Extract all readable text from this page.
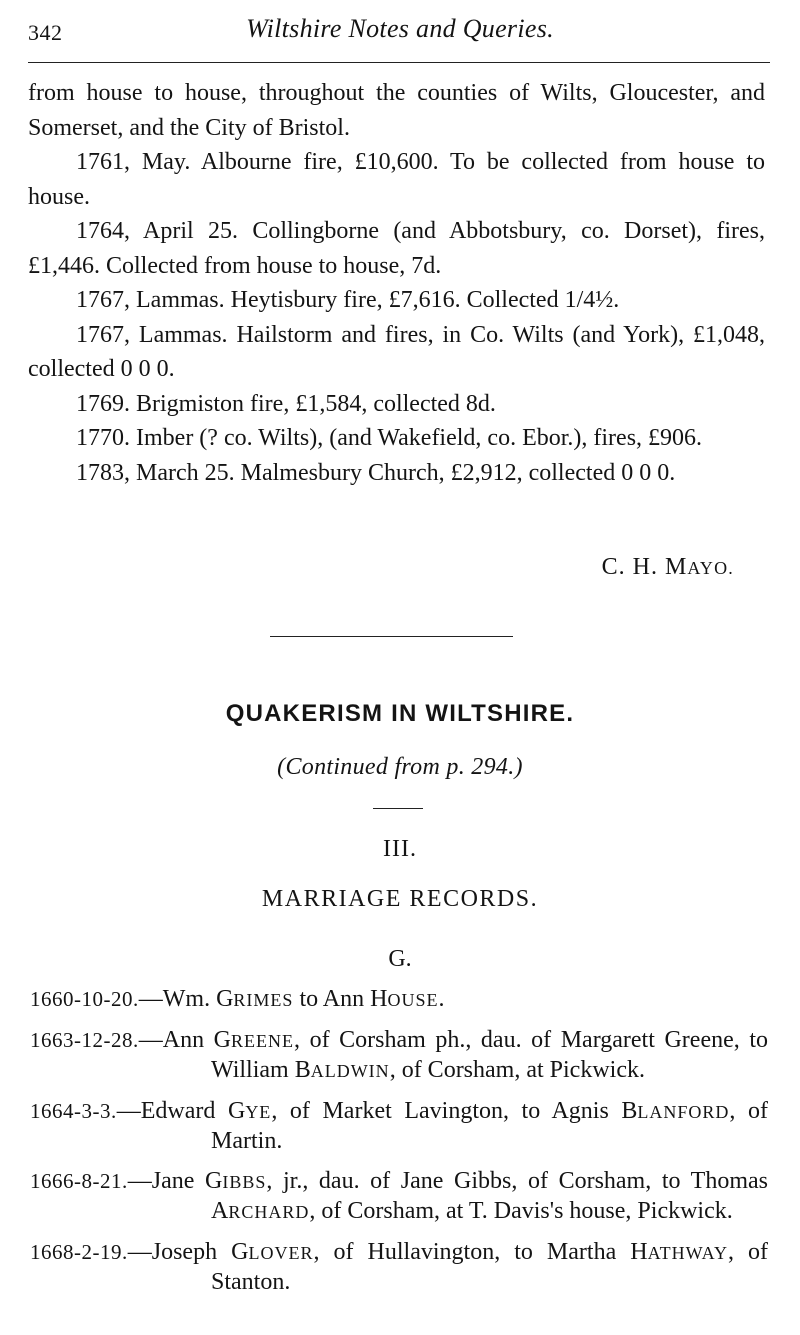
342	Wiltshire Notes and Queries.

from house to house, throughout the counties of Wilts, Gloucester, and Somerset, and the City of Bristol.

1761, May. Albourne fire, £10,600. To be collected from house to house.

1764, April 25. Collingborne (and Abbotsbury, co. Dorset), fires, £1,446. Collected from house to house, 7d.

1767, Lammas. Heytisbury fire, £7,616. Collected 1/4½.

1767, Lammas. Hailstorm and fires, in Co. Wilts (and York), £1,048, collected 0 0 0.

1769. Brigmiston fire, £1,584, collected 8d.

1770. Imber (? co. Wilts), (and Wakefield, co. Ebor.), fires, £906.

1783, March 25. Malmesbury Church, £2,912, collected 0 0 0.

C. H. MAYO.
QUAKERISM IN WILTSHIRE.
(Continued from p. 294.)
III.
MARRIAGE RECORDS.
G.

1660-10-20.—Wm. GRIMES to Ann HOUSE.

1663-12-28.—Ann GREENE, of Corsham ph., dau. of Margarett Greene, to William BALDWIN, of Corsham, at Pickwick.

1664-3-3.—Edward GYE, of Market Lavington, to Agnis BLANFORD, of Martin.

1666-8-21.—Jane GIBBS, jr., dau. of Jane Gibbs, of Corsham, to Thomas ARCHARD, of Corsham, at T. Davis's house, Pickwick.

1668-2-19.—Joseph GLOVER, of Hullavington, to Martha HATHWAY, of Stanton.
